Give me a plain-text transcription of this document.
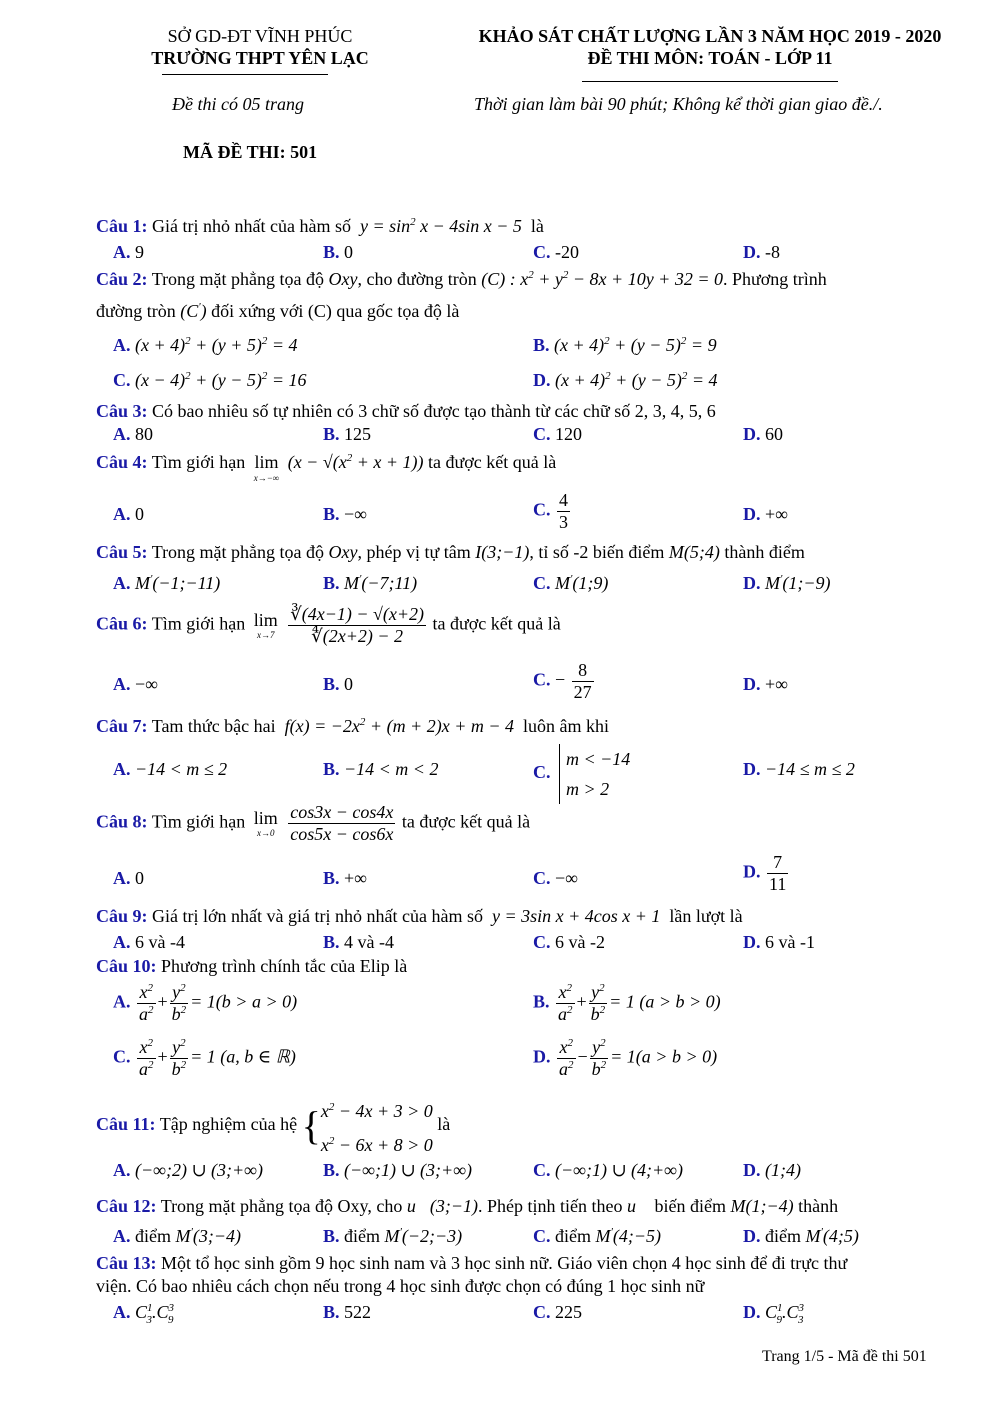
SỞ GD-ĐT VĨNH PHÚC
TRƯỜNG THPT YÊN LẠC
KHẢO SÁT CHẤT LƯỢNG LẦN 3 NĂM HỌC 2019 - 2020
ĐỀ THI MÔN: TOÁN - LỚP 11
Đề thi có 05 trang	Thời gian làm bài 90 phút; Không kể thời gian giao đề./.
MÃ ĐỀ THI: 501
Câu 1: Giá trị nhỏ nhất của hàm số  $y = \sin^2 x - 4\sin$ x − 5  là
A. 9	B. 0	C. -20	D. -8
Câu 2: Trong mặt phẳng tọa độ Oxy, cho đường tròn (C) : $x^2 + y^2 - 8x + 10y + 32 = 0$. Phương trình
đường tròn (C') đối xứng với (C) qua gốc tọa độ là
A. $(x + 4)^2 + (y + 5)^2 = 4$	B. $(x + 4)^2 + (y - 5)^2 = 9$
C. $(x - 4)^2 + (y - 5)^2 = 16$	D. $(x + 4)^2 + (y - 5)^2 = 4$
Câu 3: Có bao nhiêu số tự nhiên có 3 chữ số được tạo thành từ các chữ số 2, 3, 4, 5, 6
A. 80	B. 125	C. 120	D. 60
Câu 4: Tìm giới hạn lim
x→−∞
$(x - √(x^2 + x + 1))$ ta được kết quả là
A. 0	B. −∞	C. $\frac{4}{3}$	D. +∞
Câu 5: Trong mặt phẳng tọa độ Oxy, phép vị tự tâm I(3;−1), tỉ số -2 biến điểm M(5;4) thành điểm
A. M'(−1;−11)	B. M'(−7;11)	C. M'(1;9)	D. M'(1;−9)
Câu 6: Tìm giới hạn lim
x→7
$\frac{∛(4x-1) - √(x+2)}{∜(2x+2) - 2}$ ta được kết quả là
A. −∞	B. 0	C. − $\frac{8}{27}$	D. +∞
Câu 7: Tam thức bậc hai  $f(x) = -2x^2 + (m + 2)x + m - 4$  luôn âm khi
A. −14 < m ≤ 2	B. −14 < m < 2	C.
m < −14
m > 2
D. −14 ≤ m ≤ 2
Câu 8: Tìm giới hạn lim
x→0
$\frac{\cos 3x - \cos 4x}{\cos 5x - \cos 6x}$ ta được kết quả là
A. 0	B. +∞	C. −∞	D. $\frac{7}{11}$
Câu 9: Giá trị lớn nhất và giá trị nhỏ nhất của hàm số  y = 3sin x + 4cos x + 1  lần lượt là
A. 6 và -4	B. 4 và -4	C. 6 và -2	D. 6 và -1
Câu 10: Phương trình chính tắc của Elip là
A. $\frac{x^2}{a^2} + \frac{y^2}{b^2} = 1(b > a > 0)$	B. $\frac{x^2}{a^2} + \frac{y^2}{b^2} = 1$ (a > b > 0)
C. $\frac{x^2}{a^2} + \frac{y^2}{b^2} = 1$ (a, b ∈ ℝ)	D. $\frac{x^2}{a^2} - \frac{y^2}{b^2} = 1(a > b > 0)$
Câu 11: Tập nghiệm của hệ { $x^2 - 4x + 3 > 0$
$x^2 - 6x + 8 > 0$
là
A. (−∞;2) ∪ (3;+∞)	B. (−∞;1) ∪ (3;+∞)	C. (−∞;1) ∪ (4;+∞)	D. (1;4)
Câu 12: Trong mặt phẳng tọa độ Oxy, cho u⃗(3;−1). Phép tịnh tiến theo u⃗ biến điểm M(1;−4) thành
A. điểm M'(3;−4)	B. điểm M'(−2;−3)	C. điểm M'(4;−5)	D. điểm M'(4;5)
Câu 13: Một tổ học sinh gồm 9 học sinh nam và 3 học sinh nữ. Giáo viên chọn 4 học sinh để đi trực thư
viện. Có bao nhiêu cách chọn nếu trong 4 học sinh được chọn có đúng 1 học sinh nữ
A. $C^1_3.C^3_9$	B. 522	C. 225	D. $C^1_9.C^3_3$
Trang 1/5 - Mã đề thi 501
